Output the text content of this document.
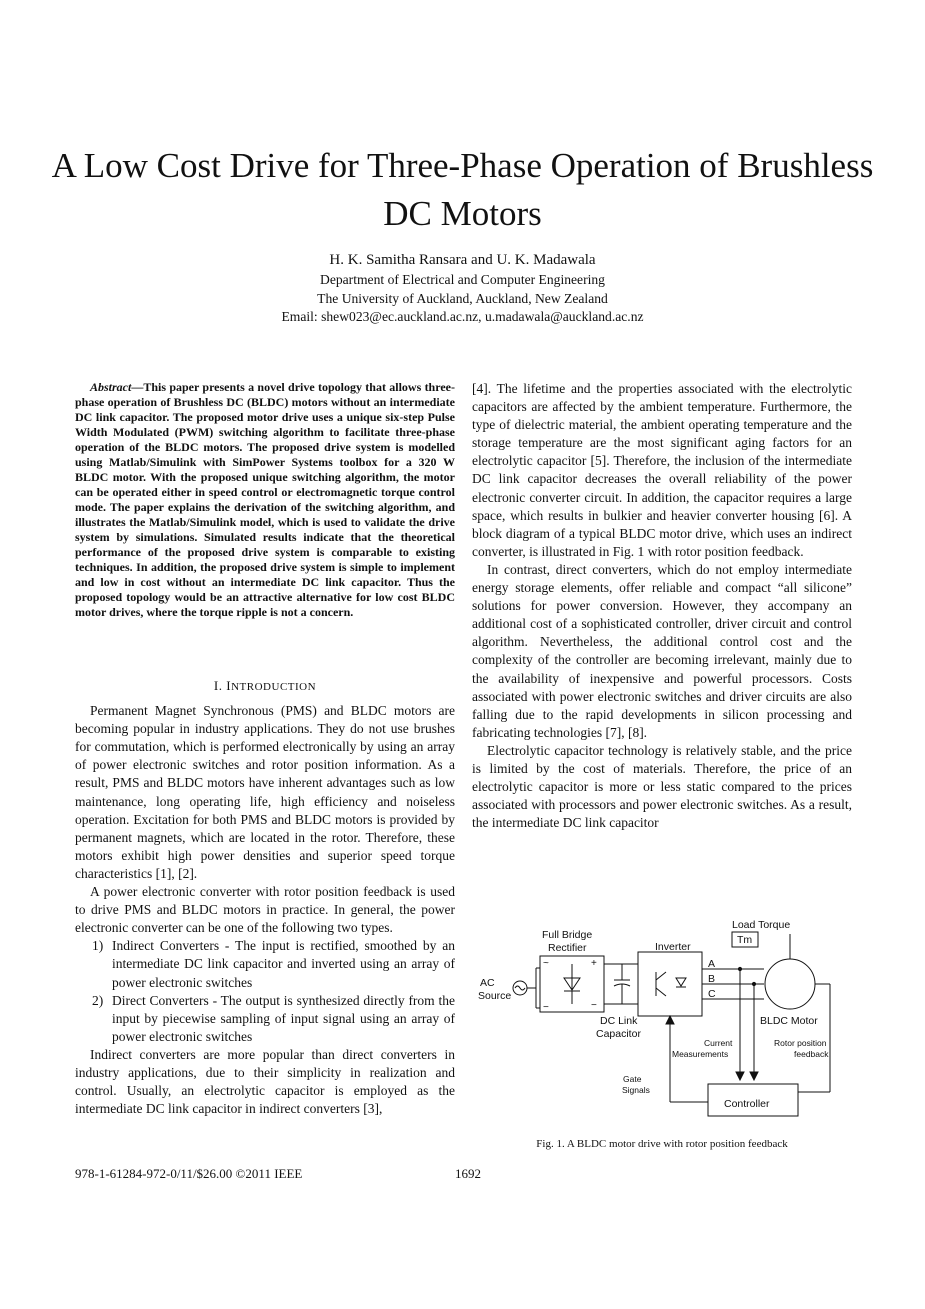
A Low Cost Drive for Three-Phase Operation of Brushless DC Motors
H. K. Samitha Ransara and U. K. Madawala
Department of Electrical and Computer Engineering
The University of Auckland, Auckland, New Zealand
Email: shew023@ec.auckland.ac.nz, u.madawala@auckland.ac.nz
Abstract—This paper presents a novel drive topology that allows three-phase operation of Brushless DC (BLDC) motors without an intermediate DC link capacitor. The proposed motor drive uses a unique six-step Pulse Width Modulated (PWM) switching algorithm to facilitate three-phase operation of the BLDC motors. The proposed drive system is modelled using Matlab/Simulink with SimPower Systems toolbox for a 320 W BLDC motor. With the proposed unique switching algorithm, the motor can be operated either in speed control or electromagnetic torque control mode. The paper explains the derivation of the switching algorithm, and illustrates the Matlab/Simulink model, which is used to validate the drive system by simulations. Simulated results indicate that the theoretical performance of the proposed drive system is comparable to existing techniques. In addition, the proposed drive system is simple to implement and low in cost without an intermediate DC link capacitor. Thus the proposed topology would be an attractive alternative for low cost BLDC motor drives, where the torque ripple is not a concern.
I. INTRODUCTION

Permanent Magnet Synchronous (PMS) and BLDC motors are becoming popular in industry applications. They do not use brushes for commutation, which is performed electronically by using an array of power electronic switches and rotor position information. As a result, PMS and BLDC motors have inherent advantages such as low maintenance, long operating life, high efficiency and noiseless operation. Excitation for both PMS and BLDC motors is provided by permanent magnets, which are located in the rotor. Therefore, these motors exhibit high power densities and superior speed torque characteristics [1], [2].

A power electronic converter with rotor position feedback is used to drive PMS and BLDC motors in practice. In general, the power electronic converter can be one of the following two types.

1) Indirect Converters - The input is rectified, smoothed by an intermediate DC link capacitor and inverted using an array of power electronic switches
2) Direct Converters - The output is synthesized directly from the input by piecewise sampling of input signal using an array of power electronic switches

Indirect converters are more popular than direct converters in industry applications, due to their simplicity in realization and control. Usually, an electrolytic capacitor is employed as the intermediate DC link capacitor in indirect converters [3],

[4]. The lifetime and the properties associated with the electrolytic capacitors are affected by the ambient temperature. Furthermore, the type of dielectric material, the ambient operating temperature and the storage temperature are the most significant aging factors for an electrolytic capacitor [5]. Therefore, the inclusion of the intermediate DC link capacitor decreases the overall reliability of the power electronic converter circuit. In addition, the capacitor requires a large space, which results in bulkier and heavier converter housing [6]. A block diagram of a typical BLDC motor drive, which uses an indirect converter, is illustrated in Fig. 1 with rotor position feedback.

In contrast, direct converters, which do not employ intermediate energy storage elements, offer reliable and compact “all silicone” solutions for power conversion. However, they accompany an additional cost of a sophisticated controller, driver circuit and control algorithm. Nevertheless, the additional control cost and the complexity of the controller are becoming irrelevant, mainly due to the availability of inexpensive and powerful processors. Costs associated with power electronic switches and driver circuits are also falling due to the rapid developments in silicon processing and fabricating technologies [7], [8].

Electrolytic capacitor technology is relatively stable, and the price is limited by the cost of materials. Therefore, the price of an electrolytic capacitor is more or less static compared to the prices associated with processors and power electronic switches. As a result, the intermediate DC link capacitor

Load Torque
Tm
Full Bridge
Rectifier	Inverter
A
B
C
AC
Source
DC Link
Capacitor
BLDC Motor
Controller
+
−
~
−
Current
Measurements
Rotor position
feedback
Gate
Signals
Fig. 1. A BLDC motor drive with rotor position feedback
978-1-61284-972-0/11/$26.00 ©2011 IEEE	1692
